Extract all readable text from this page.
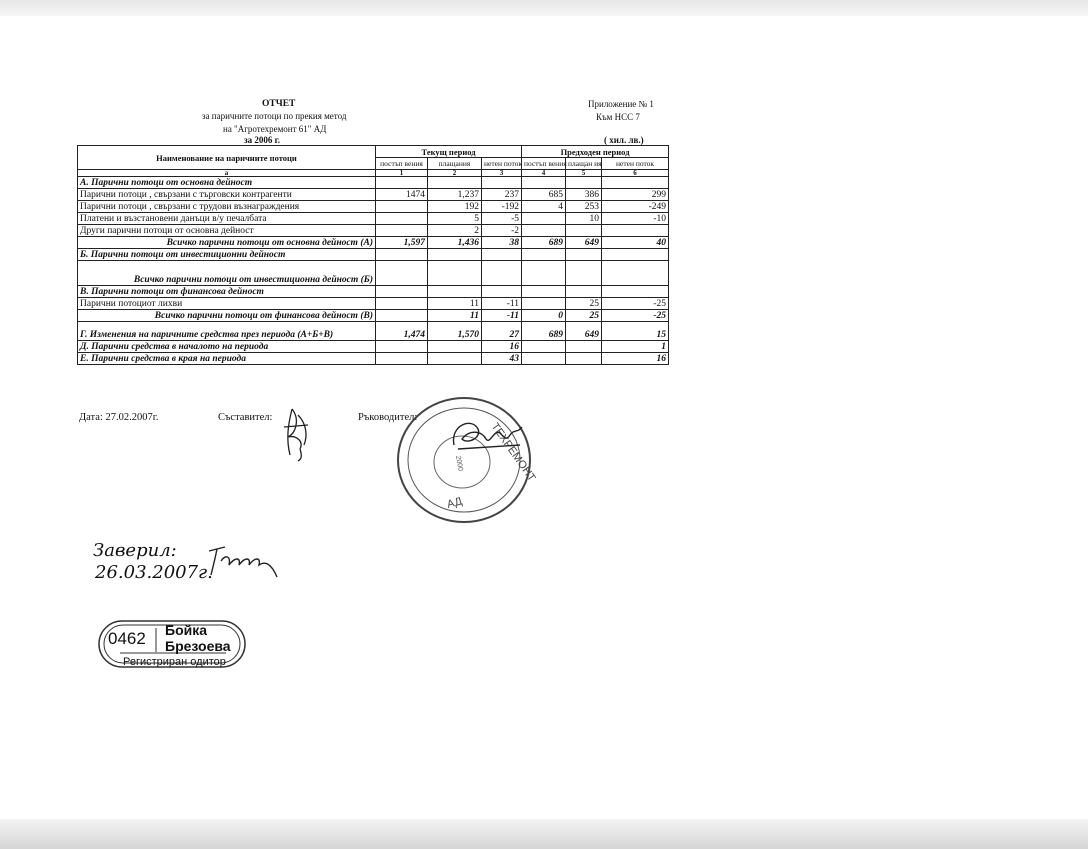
ОТЧЕТ
за паричните потоци по прекия метод
на "Агротехремонт 61" АД
за 2006 г.
Приложение № 1
Към НСС 7
( хил. лв.)
Наименование на паричните потоци	Текущ период			Предходен период		
	постъп вения	плащания	нетен поток	постъп вения	плащан ия	нетен поток
а	1	2	3	4	5	6
А. Парични потоци от основна дейност						
Парични потоци , свързани с търговски контрагенти	1474	1,237	237	685	386	299
Парични потоци , свързани с трудови възнаграждения		192	-192	4	253	-249
Платени и възстановени данъци в/у печалбата		5	-5		10	-10
Други парични потоци от основна дейност		2	-2			
Всичко парични потоци от основна дейност (А)	1,597	1,436	38	689	649	40
Б. Парични потоци от инвестиционни дейност						
Всичко парични потоци от инвестиционна дейност (Б)						
В. Парични потоци от финансова дейност						
Парични потоциот лихви		11	-11		25	-25
Всичко парични потоци от финансова дейност (В)		11	-11	0	25	-25
Г. Изменения на паричните средства през периода (А+Б+В)	1,474	1,570	27	689	649	15
Д. Парични средства в началото на периода			16			1
Е. Парични средства в края на периода			43			16
Дата: 27.02.2007г.	Съставител:	Ръководител:
ТЕХРЕМОНТ
АД
2000
Заверил:
26.03.2007г.
0462 Бойка
Брезоева
Регистриран одитор
